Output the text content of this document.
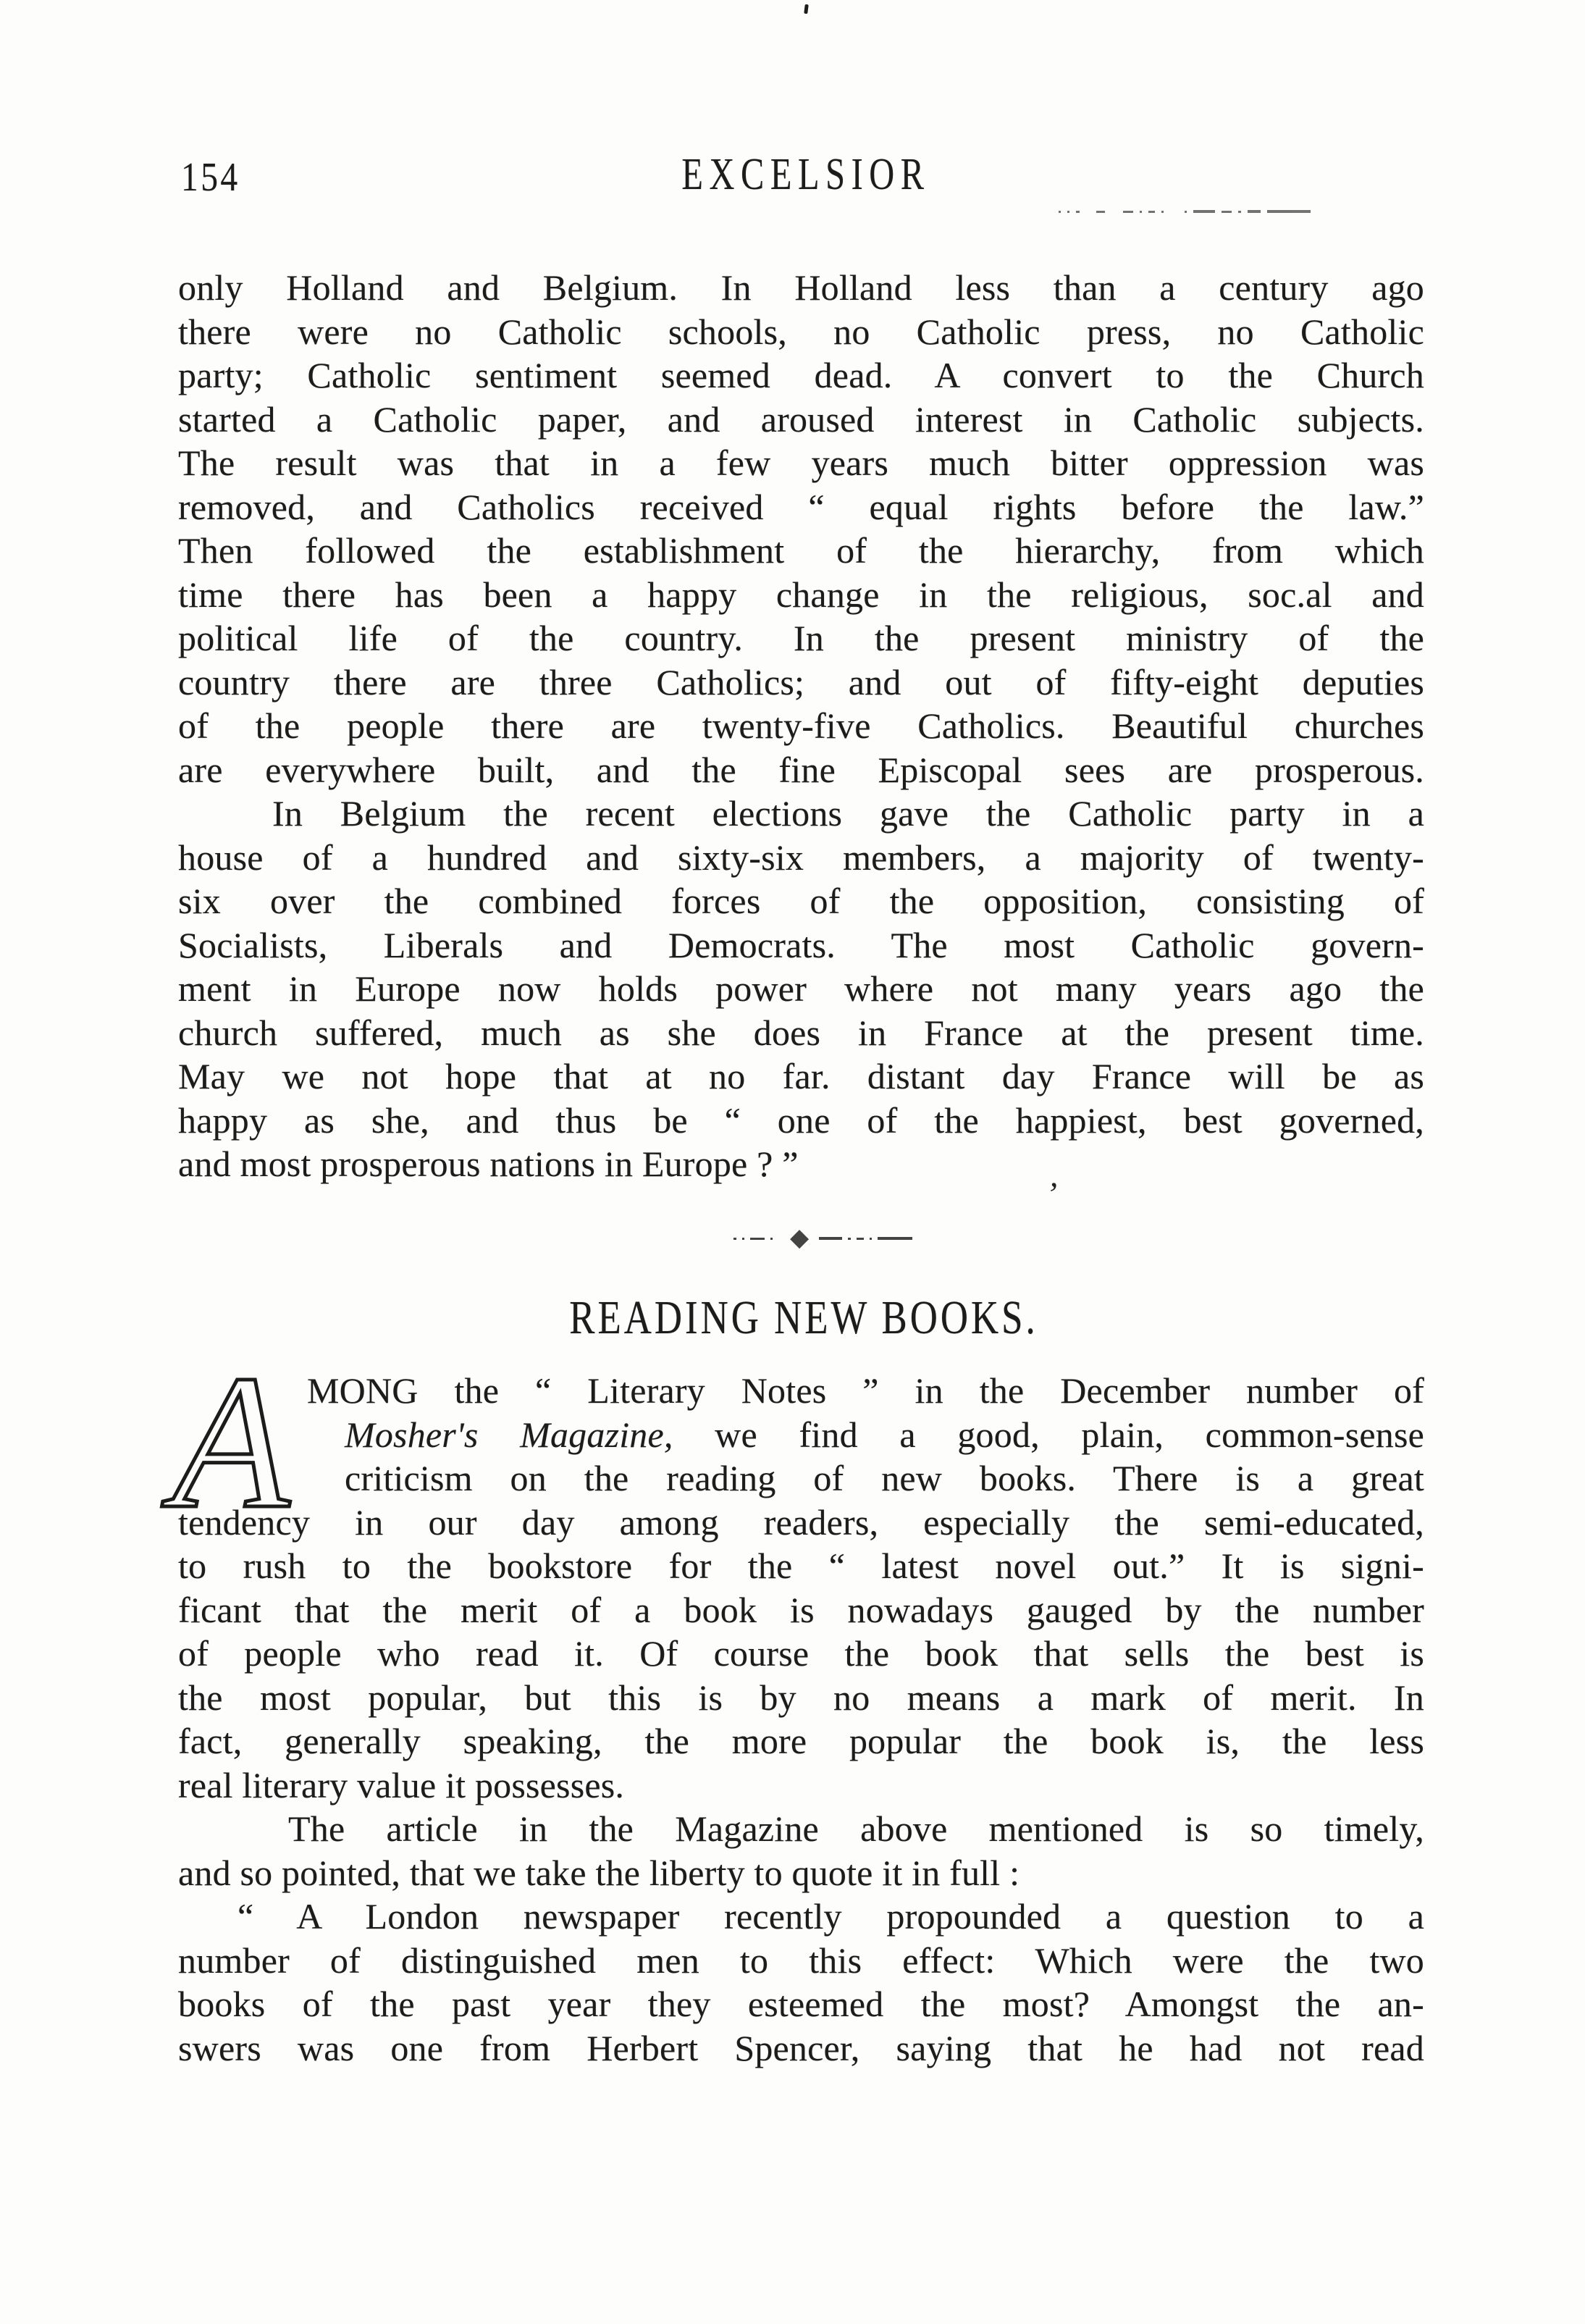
154	EXCELSIOR
only Holland and Belgium. In Holland less than a century ago
there were no Catholic schools, no Catholic press, no Catholic
party; Catholic sentiment seemed dead. A convert to the Church
started a Catholic paper, and aroused interest in Catholic subjects.
The result was that in a few years much bitter oppression was
removed, and Catholics received “ equal rights before the law.”
Then followed the establishment of the hierarchy, from which
time there has been a happy change in the religious, soc.al and
political life of the country. In the present ministry of the
country there are three Catholics; and out of fifty-eight deputies
of the people there are twenty-five Catholics. Beautiful churches
are everywhere built, and the fine Episcopal sees are prosperous.
In Belgium the recent elections gave the Catholic party in a
house of a hundred and sixty-six members, a majority of twenty-
six over the combined forces of the opposition, consisting of
Socialists, Liberals and Democrats. The most Catholic govern-
ment in Europe now holds power where not many years ago the
church suffered, much as she does in France at the present time.
May we not hope that at no far. distant day France will be as
happy as she, and thus be “ one of the happiest, best governed,
and most prosperous nations in Europe ? ”
’
◆
READING NEW BOOKS.
A MONG the “ Literary Notes ” in the December number of
Mosher's Magazine, we find a good, plain, common-sense
criticism on the reading of new books. There is a great
tendency in our day among readers, especially the semi-educated,
to rush to the bookstore for the “ latest novel out.” It is signi-
ficant that the merit of a book is nowadays gauged by the number
of people who read it. Of course the book that sells the best is
the most popular, but this is by no means a mark of merit. In
fact, generally speaking, the more popular the book is, the less
real literary value it possesses.
The article in the Magazine above mentioned is so timely,
and so pointed, that we take the liberty to quote it in full :
“ A London newspaper recently propounded a question to a
number of distinguished men to this effect: Which were the two
books of the past year they esteemed the most? Amongst the an-
swers was one from Herbert Spencer, saying that he had not read
